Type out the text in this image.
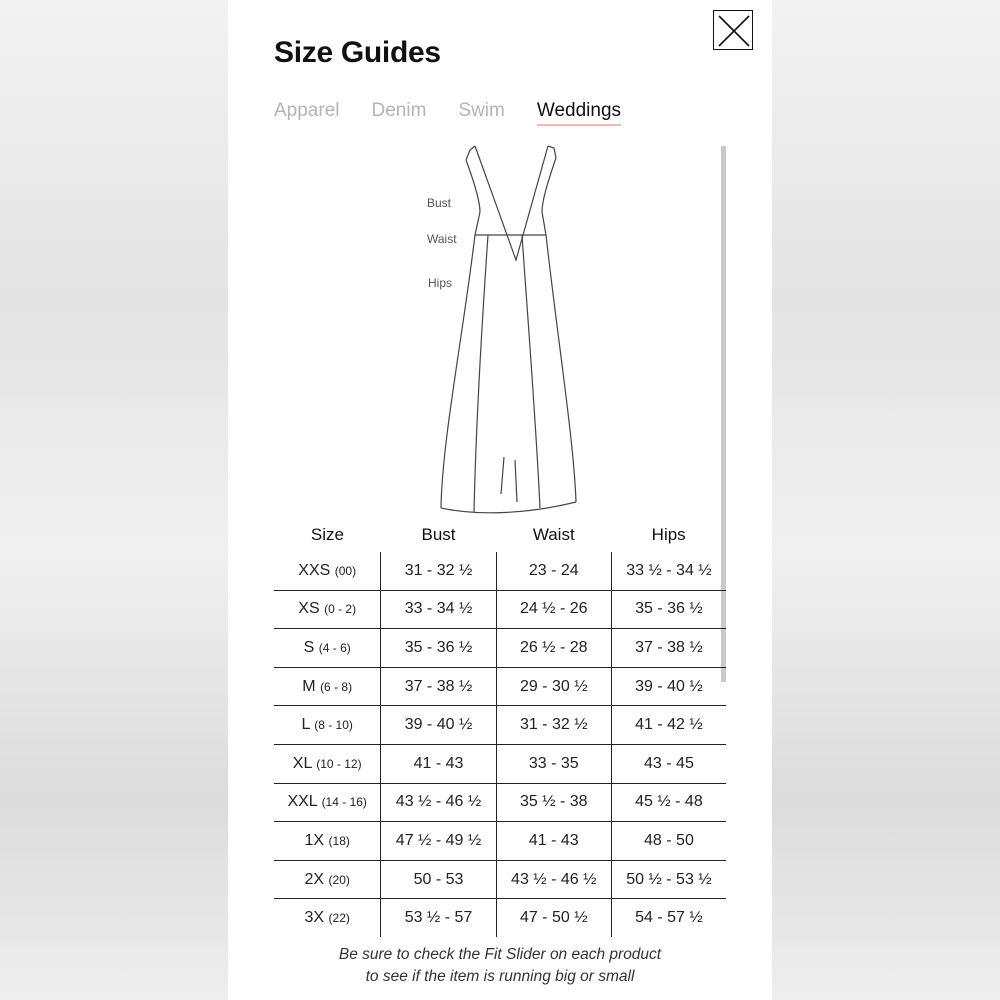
Size Guides
Apparel Denim Swim Weddings
Bust
Waist
Hips
Size	Bust	Waist	Hips
XXS (00)	31 - 32 ½	23 - 24	33 ½ - 34 ½
XS (0 - 2)	33 - 34 ½	24 ½ - 26	35 - 36 ½
S (4 - 6)	35 - 36 ½	26 ½ - 28	37 - 38 ½
M (6 - 8)	37 - 38 ½	29 - 30 ½	39 - 40 ½
L (8 - 10)	39 - 40 ½	31 - 32 ½	41 - 42 ½
XL (10 - 12)	41 - 43	33 - 35	43 - 45
XXL (14 - 16)	43 ½ - 46 ½	35 ½ - 38	45 ½ - 48
1X (18)	47 ½ - 49 ½	41 - 43	48 - 50
2X (20)	50 - 53	43 ½ - 46 ½	50 ½ - 53 ½
3X (22)	53 ½ - 57	47 - 50 ½	54 - 57 ½
Be sure to check the Fit Slider on each product
to see if the item is running big or small
